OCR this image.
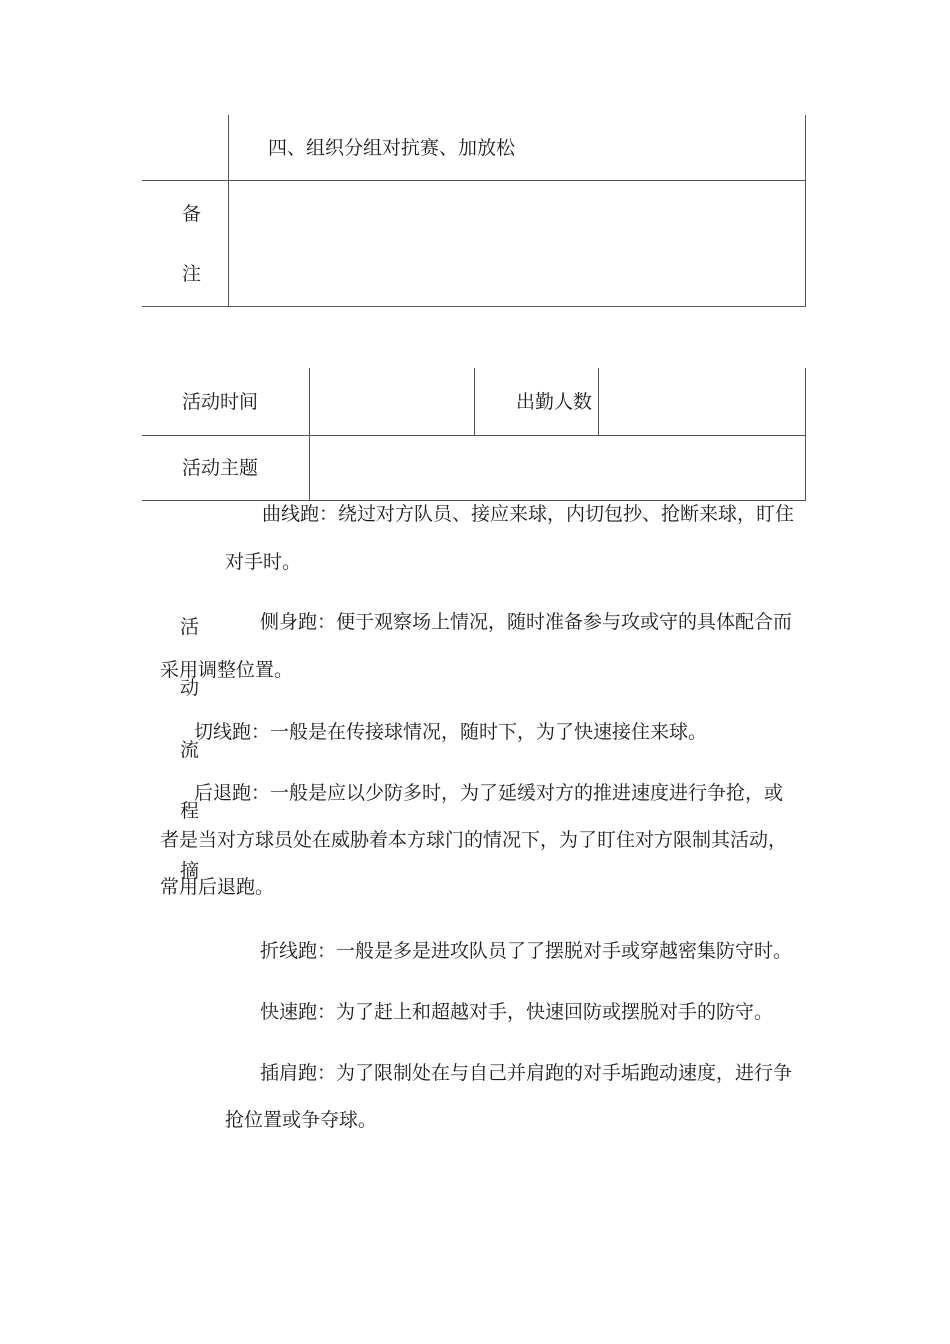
四、组织分组对抗赛、加放松
备
注
活动时间	出勤人数
活动主题
活
动
流
程
摘
曲线跑：绕过对方队员、接应来球，内切包抄、抢断来球，盯住
对手时。
侧身跑：便于观察场上情况，随时准备参与攻或守的具体配合而
采用调整位置。
切线跑：一般是在传接球情况，随时下，为了快速接住来球。
后退跑：一般是应以少防多时，为了延缓对方的推进速度进行争抢，或
者是当对方球员处在威胁着本方球门的情况下，为了盯住对方限制其活动，
常用后退跑。
折线跑：一般是多是进攻队员了了摆脱对手或穿越密集防守时。
快速跑：为了赶上和超越对手，快速回防或摆脱对手的防守。
插肩跑：为了限制处在与自己并肩跑的对手垢跑动速度，进行争
抢位置或争夺球。
